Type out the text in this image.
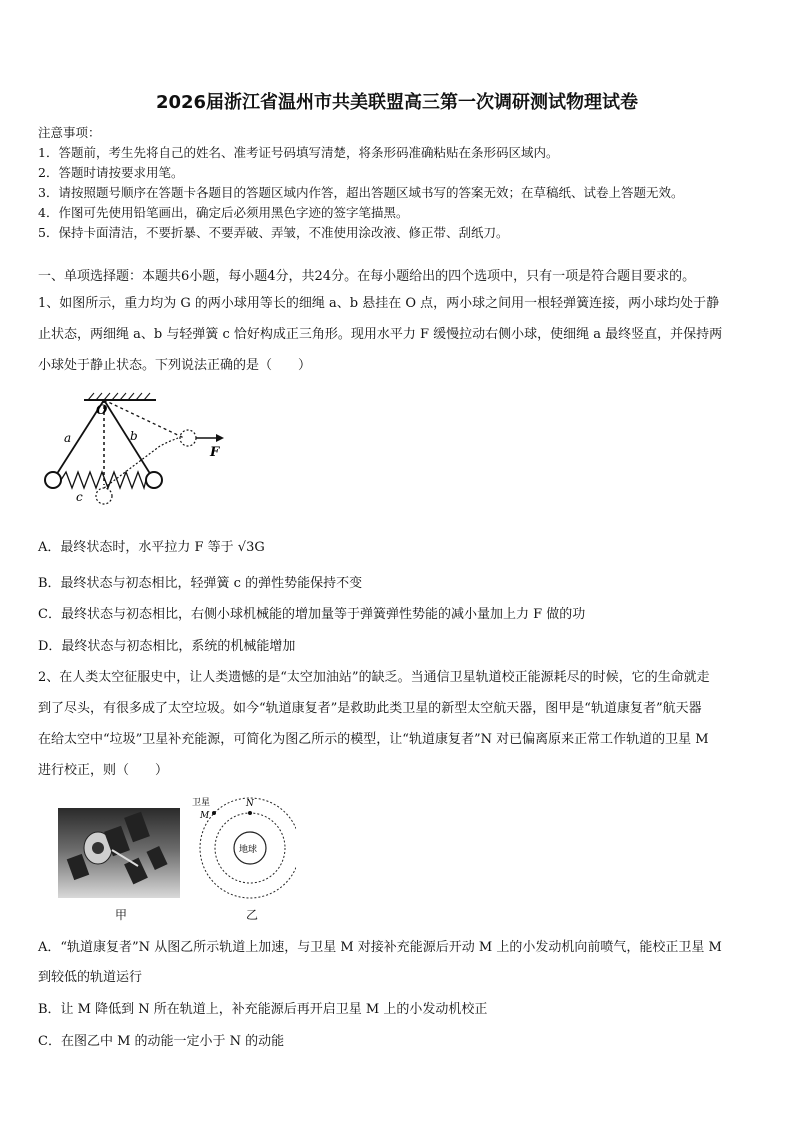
2026届浙江省温州市共美联盟高三第一次调研测试物理试卷
注意事项：
1．答题前，考生先将自己的姓名、准考证号码填写清楚，将条形码准确粘贴在条形码区域内。
2．答题时请按要求用笔。
3．请按照题号顺序在答题卡各题目的答题区域内作答，超出答题区域书写的答案无效；在草稿纸、试卷上答题无效。
4．作图可先使用铅笔画出，确定后必须用黑色字迹的签字笔描黑。
5．保持卡面清洁，不要折暴、不要弄破、弄皱，不准使用涂改液、修正带、刮纸刀。
一、单项选择题：本题共6小题，每小题4分，共24分。在每小题给出的四个选项中，只有一项是符合题目要求的。
1、如图所示，重力均为 G 的两小球用等长的细绳 a、b 悬挂在 O 点，两小球之间用一根轻弹簧连接，两小球均处于静
止状态，两细绳 a、b 与轻弹簧 c 恰好构成正三角形。现用水平力 F 缓慢拉动右侧小球，使细绳 a 最终竖直，并保持两
小球处于静止状态。下列说法正确的是（　　）
O
a	b
c
F
A．最终状态时，水平拉力 F 等于 √3G
B．最终状态与初态相比，轻弹簧 c 的弹性势能保持不变
C．最终状态与初态相比，右侧小球机械能的增加量等于弹簧弹性势能的减小量加上力 F 做的功
D．最终状态与初态相比，系统的机械能增加
2、在人类太空征服史中，让人类遗憾的是“太空加油站”的缺乏。当通信卫星轨道校正能源耗尽的时候，它的生命就走
到了尽头，有很多成了太空垃圾。如今“轨道康复者”是救助此类卫星的新型太空航天器，图甲是“轨道康复者”航天器
在给太空中“垃圾”卫星补充能源，可简化为图乙所示的模型，让“轨道康复者”N 对已偏离原来正常工作轨道的卫星 M
进行校正，则（　　）
甲
地球
卫星
M
N
乙
A．“轨道康复者”N 从图乙所示轨道上加速，与卫星 M 对接补充能源后开动 M 上的小发动机向前喷气，能校正卫星 M
到较低的轨道运行
B．让 M 降低到 N 所在轨道上，补充能源后再开启卫星 M 上的小发动机校正
C．在图乙中 M 的动能一定小于 N 的动能
